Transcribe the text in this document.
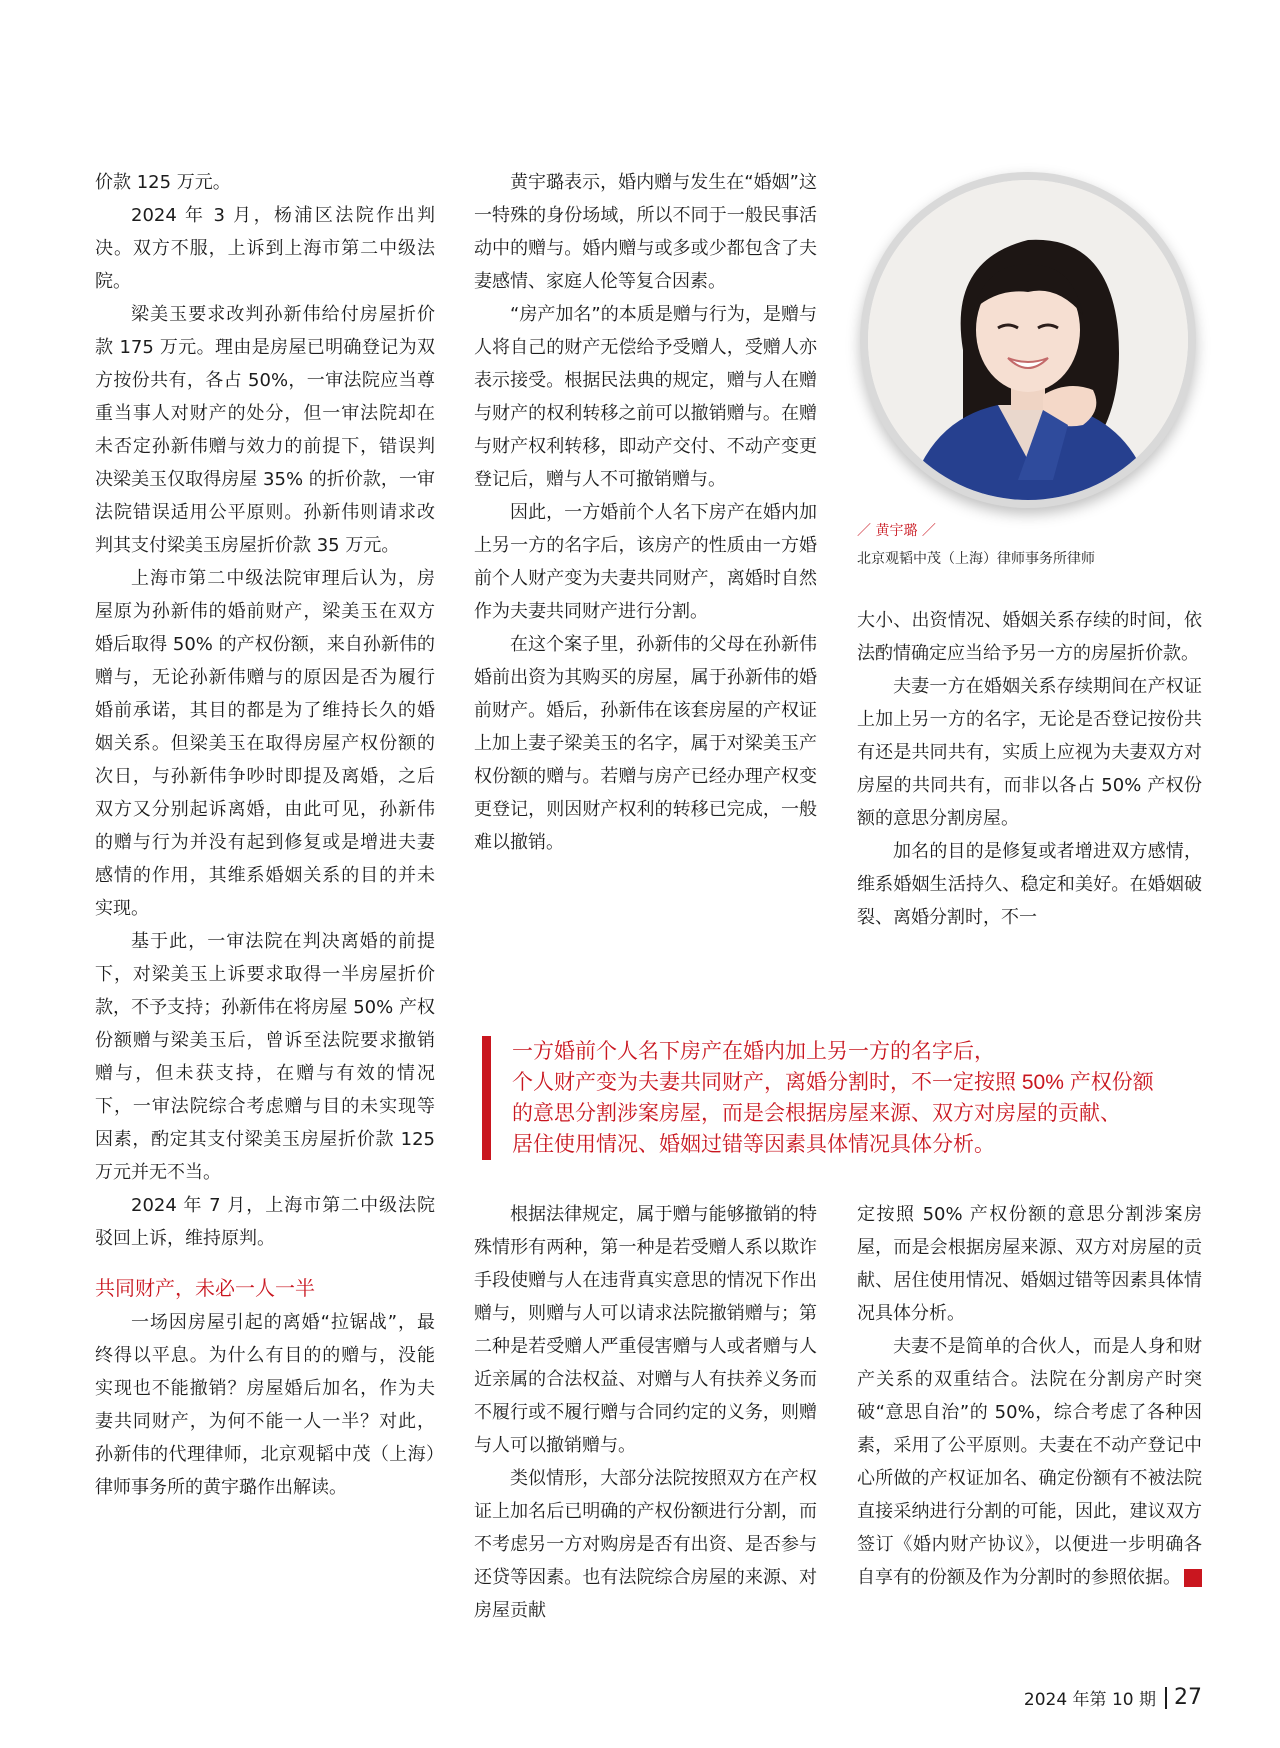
价款 125 万元。

2024 年 3 月，杨浦区法院作出判决。双方不服，上诉到上海市第二中级法院。

梁美玉要求改判孙新伟给付房屋折价款 175 万元。理由是房屋已明确登记为双方按份共有，各占 50%，一审法院应当尊重当事人对财产的处分，但一审法院却在未否定孙新伟赠与效力的前提下，错误判决梁美玉仅取得房屋 35% 的折价款，一审法院错误适用公平原则。孙新伟则请求改判其支付梁美玉房屋折价款 35 万元。

上海市第二中级法院审理后认为，房屋原为孙新伟的婚前财产，梁美玉在双方婚后取得 50% 的产权份额，来自孙新伟的赠与，无论孙新伟赠与的原因是否为履行婚前承诺，其目的都是为了维持长久的婚姻关系。但梁美玉在取得房屋产权份额的次日，与孙新伟争吵时即提及离婚，之后双方又分别起诉离婚，由此可见，孙新伟的赠与行为并没有起到修复或是增进夫妻感情的作用，其维系婚姻关系的目的并未实现。

基于此，一审法院在判决离婚的前提下，对梁美玉上诉要求取得一半房屋折价款，不予支持；孙新伟在将房屋 50% 产权份额赠与梁美玉后，曾诉至法院要求撤销赠与，但未获支持，在赠与有效的情况下，一审法院综合考虑赠与目的未实现等因素，酌定其支付梁美玉房屋折价款 125 万元并无不当。

2024 年 7 月，上海市第二中级法院驳回上诉，维持原判。

共同财产，未必一人一半

一场因房屋引起的离婚“拉锯战”，最终得以平息。为什么有目的的赠与，没能实现也不能撤销？房屋婚后加名，作为夫妻共同财产，为何不能一人一半？对此，孙新伟的代理律师，北京观韬中茂（上海）律师事务所的黄宇璐作出解读。

黄宇璐表示，婚内赠与发生在“婚姻”这一特殊的身份场域，所以不同于一般民事活动中的赠与。婚内赠与或多或少都包含了夫妻感情、家庭人伦等复合因素。

“房产加名”的本质是赠与行为，是赠与人将自己的财产无偿给予受赠人，受赠人亦表示接受。根据民法典的规定，赠与人在赠与财产的权利转移之前可以撤销赠与。在赠与财产权利转移，即动产交付、不动产变更登记后，赠与人不可撤销赠与。

因此，一方婚前个人名下房产在婚内加上另一方的名字后，该房产的性质由一方婚前个人财产变为夫妻共同财产，离婚时自然作为夫妻共同财产进行分割。

在这个案子里，孙新伟的父母在孙新伟婚前出资为其购买的房屋，属于孙新伟的婚前财产。婚后，孙新伟在该套房屋的产权证上加上妻子梁美玉的名字，属于对梁美玉产权份额的赠与。若赠与房产已经办理产权变更登记，则因财产权利的转移已完成，一般难以撤销。

／ 黄宇璐 ／
北京观韬中茂（上海）律师事务所律师

大小、出资情况、婚姻关系存续的时间，依法酌情确定应当给予另一方的房屋折价款。

夫妻一方在婚姻关系存续期间在产权证上加上另一方的名字，无论是否登记按份共有还是共同共有，实质上应视为夫妻双方对房屋的共同共有，而非以各占 50% 产权份额的意思分割房屋。

加名的目的是修复或者增进双方感情，维系婚姻生活持久、稳定和美好。在婚姻破裂、离婚分割时，不一

一方婚前个人名下房产在婚内加上另一方的名字后，
个人财产变为夫妻共同财产，离婚分割时，不一定按照 50% 产权份额
的意思分割涉案房屋，而是会根据房屋来源、双方对房屋的贡献、
居住使用情况、婚姻过错等因素具体情况具体分析。

根据法律规定，属于赠与能够撤销的特殊情形有两种，第一种是若受赠人系以欺诈手段使赠与人在违背真实意思的情况下作出赠与，则赠与人可以请求法院撤销赠与；第二种是若受赠人严重侵害赠与人或者赠与人近亲属的合法权益、对赠与人有扶养义务而不履行或不履行赠与合同约定的义务，则赠与人可以撤销赠与。

类似情形，大部分法院按照双方在产权证上加名后已明确的产权份额进行分割，而不考虑另一方对购房是否有出资、是否参与还贷等因素。也有法院综合房屋的来源、对房屋贡献

定按照 50% 产权份额的意思分割涉案房屋，而是会根据房屋来源、双方对房屋的贡献、居住使用情况、婚姻过错等因素具体情况具体分析。

夫妻不是简单的合伙人，而是人身和财产关系的双重结合。法院在分割房产时突破“意思自治”的 50%，综合考虑了各种因素，采用了公平原则。夫妻在不动产登记中心所做的产权证加名、确定份额有不被法院直接采纳进行分割的可能，因此，建议双方签订《婚内财产协议》，以便进一步明确各自享有的份额及作为分割时的参照依据。	■

2024 年第 10 期 27
